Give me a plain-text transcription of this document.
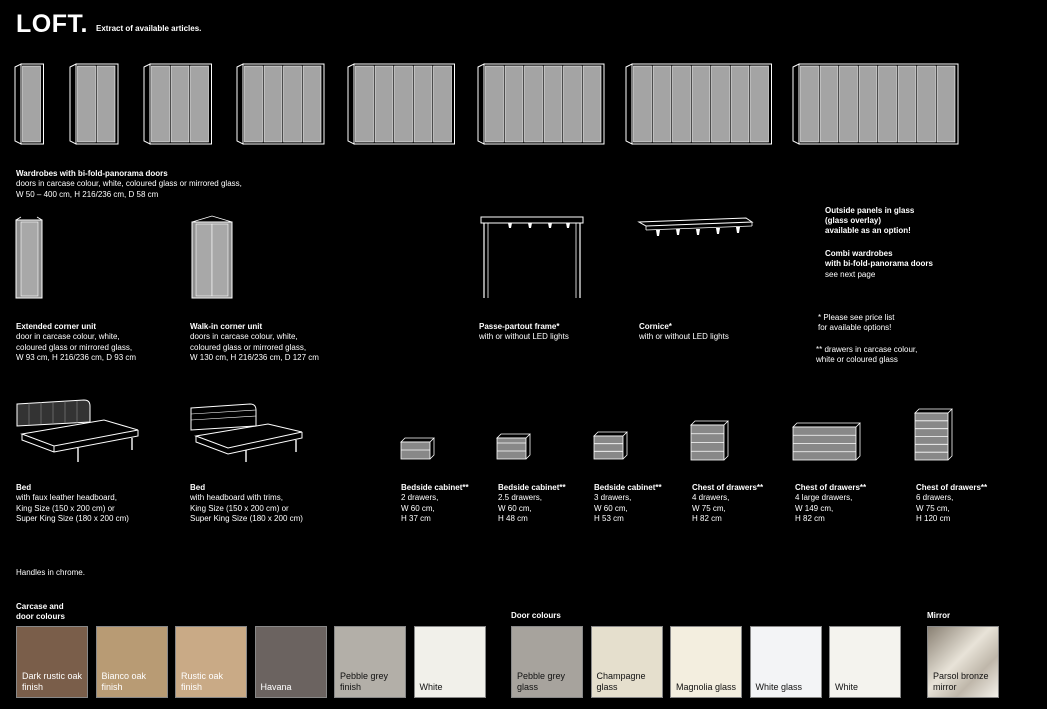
LOFT. Extract of available articles.

Wardrobes with bi-fold-panorama doors
doors in carcase colour, white, coloured glass or mirrored glass,
W 50 – 400 cm, H 216/236 cm, D 58 cm

Extended corner unit
door in carcase colour, white,
coloured glass or mirrored glass,
W 93 cm, H 216/236 cm, D 93 cm

Walk-in corner unit
doors in carcase colour, white,
coloured glass or mirrored glass,
W 130 cm, H 216/236 cm, D 127 cm

Passe-partout frame*
with or without LED lights

Cornice*
with or without LED lights

Outside panels in glass
(glass overlay)
available as an option!
Combi wardrobes
with bi-fold-panorama doors
see next page
* Please see price list
for available options!
** drawers in carcase colour,
white or coloured glass

Bed
with faux leather headboard,
King Size (150 x 200 cm) or
Super King Size (180 x 200 cm)

Bed
with headboard with trims,
King Size (150 x 200 cm) or
Super King Size (180 x 200 cm)

Bedside cabinet**
2 drawers,
W 60 cm,
H 37 cm

Bedside cabinet**
2.5 drawers,
W 60 cm,
H 48 cm

Bedside cabinet**
3 drawers,
W 60 cm,
H 53 cm

Chest of drawers**
4 drawers,
W 75 cm,
H 82 cm

Chest of drawers**
4 large drawers,
W 149 cm,
H 82 cm

Chest of drawers**
6 drawers,
W 75 cm,
H 120 cm

Handles in chrome.
Carcase and
door colours	Door colours	Mirror
Dark rustic oak
finish
Bianco oak
finish
Rustic oak
finish	Havana
Pebble grey
finish	White
Pebble grey
glass
Champagne
glass	Magnolia glass White glass	White
Parsol bronze
mirror
